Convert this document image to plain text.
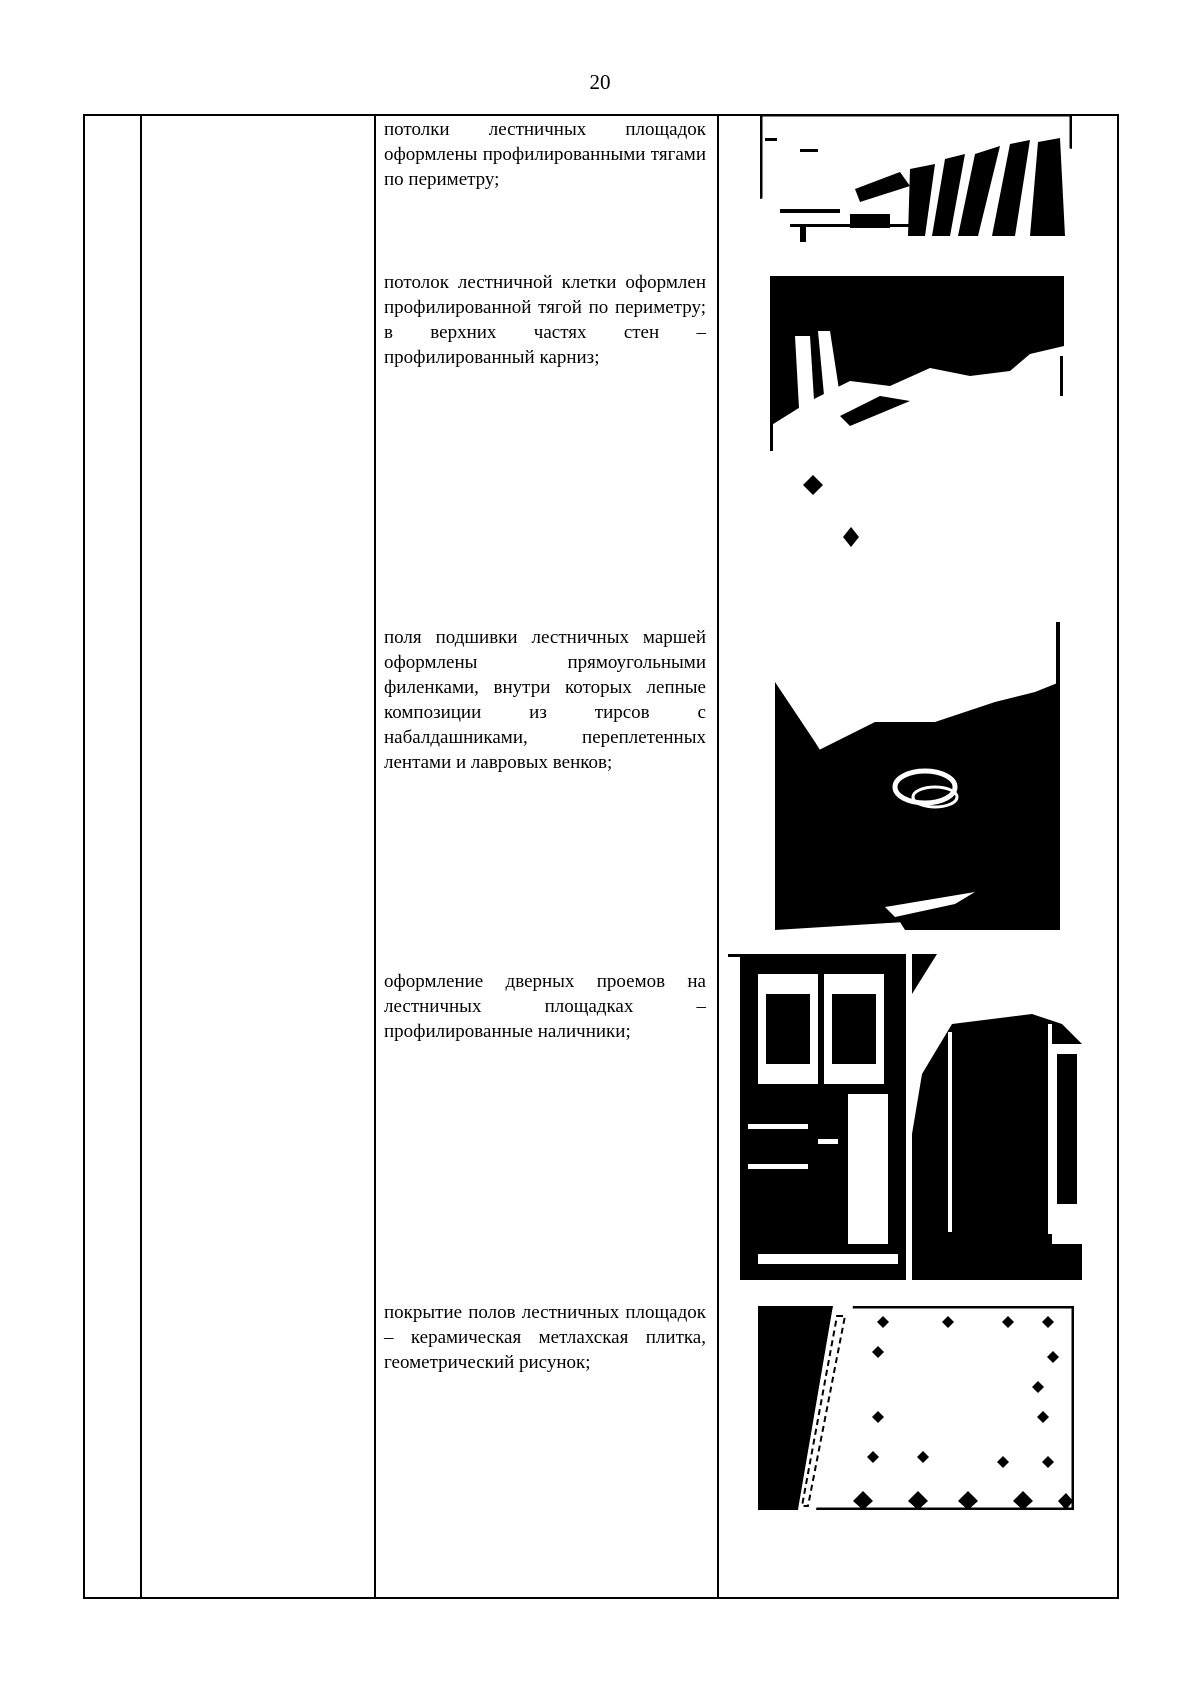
20
потолки лестничных площадок оформлены профилированными тягами по периметру;
потолок лестничной клетки оформлен профилированной тягой по периметру; в верхних частях стен – профилированный карниз;
поля подшивки лестничных маршей оформлены прямоугольными филенками, внутри которых лепные композиции из тирсов с набалдашниками, переплетенных лентами и лавровых венков;
оформление дверных проемов на лестничных площадках – профилированные наличники;
покрытие полов лестничных площадок – керамическая метлахская плитка, геометрический рисунок;
